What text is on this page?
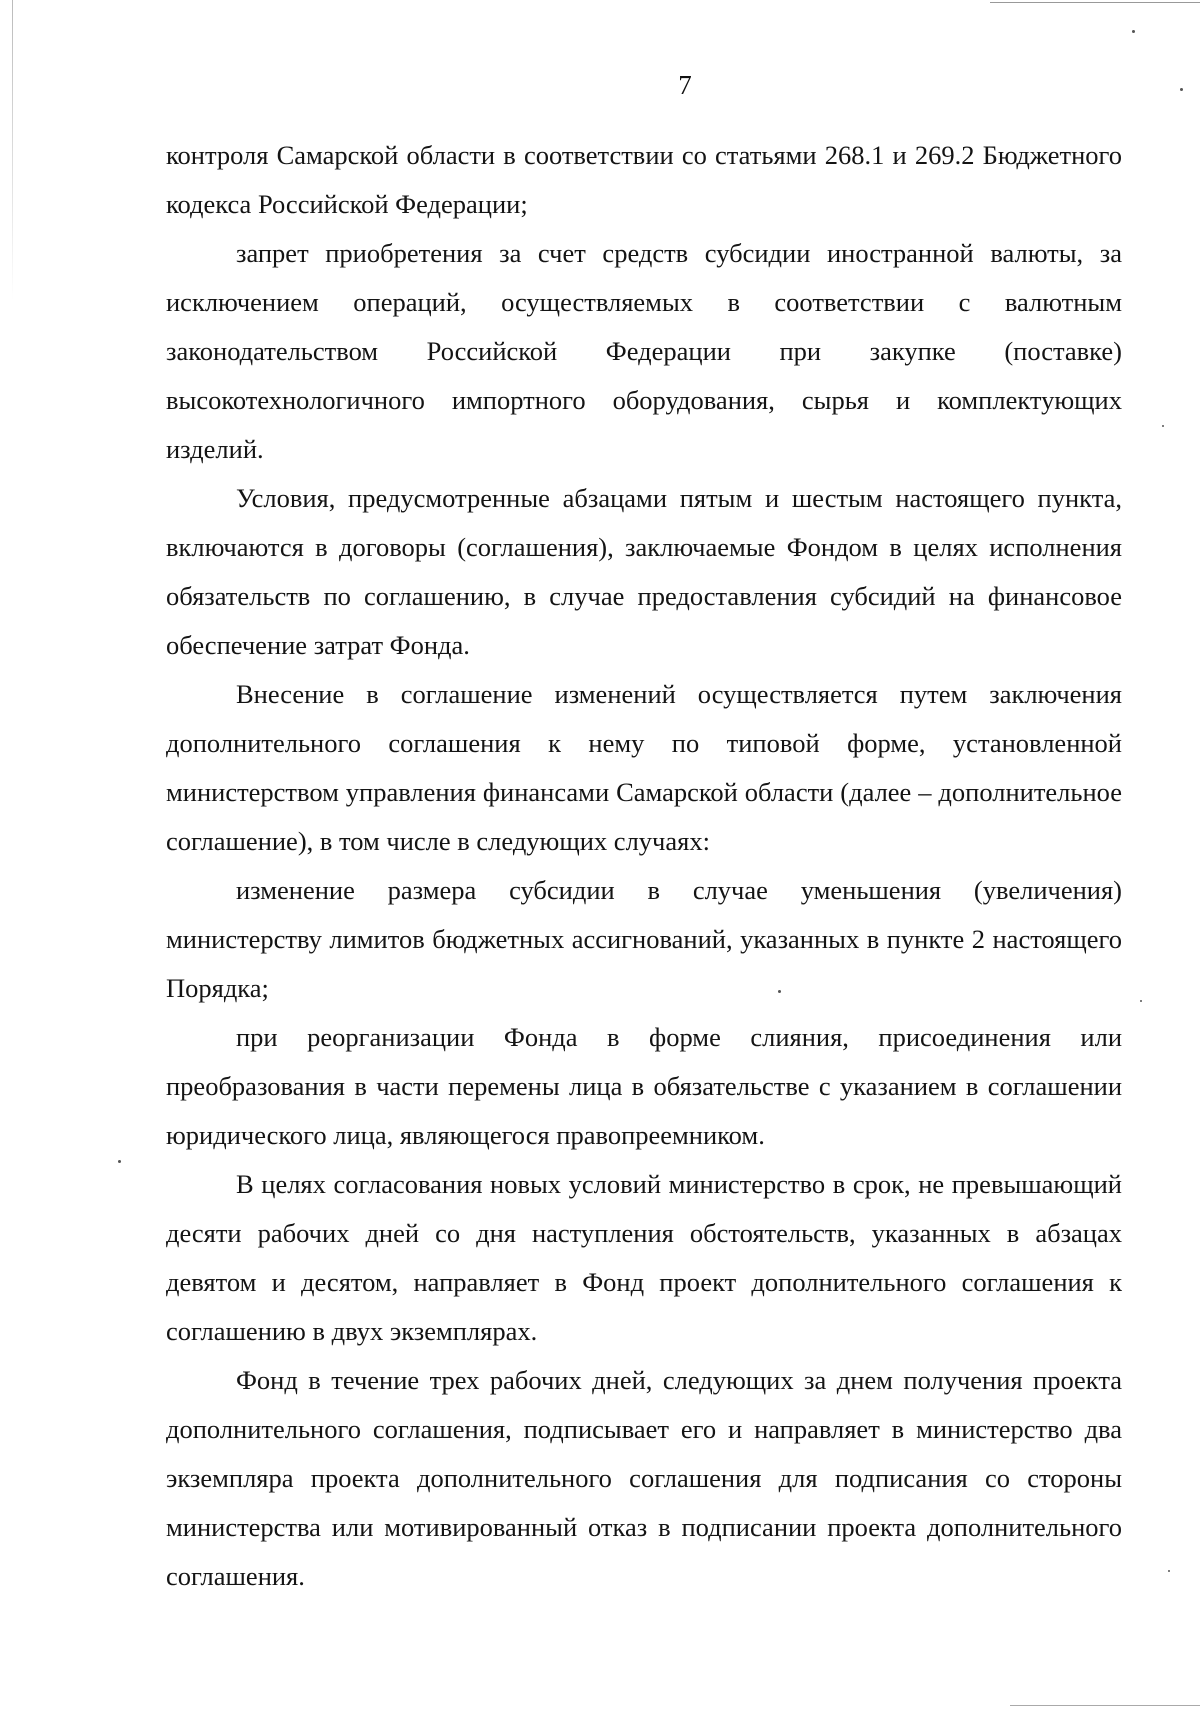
7

контроля Самарской области в соответствии со статьями 268.1 и 269.2 Бюджетного кодекса Российской Федерации;

запрет приобретения за счет средств субсидии иностранной валюты, за исключением операций, осуществляемых в соответствии с валютным законодательством Российской Федерации при закупке (поставке) высокотехнологичного импортного оборудования, сырья и комплектующих изделий.

Условия, предусмотренные абзацами пятым и шестым настоящего пункта, включаются в договоры (соглашения), заключаемые Фондом в целях исполнения обязательств по соглашению, в случае предоставления субсидий на финансовое обеспечение затрат Фонда.

Внесение в соглашение изменений осуществляется путем заключения дополнительного соглашения к нему по типовой форме, установленной министерством управления финансами Самарской области (далее – дополнительное соглашение), в том числе в следующих случаях:

изменение размера субсидии в случае уменьшения (увеличения) министерству лимитов бюджетных ассигнований, указанных в пункте 2 настоящего Порядка;

при реорганизации Фонда в форме слияния, присоединения или преобразования в части перемены лица в обязательстве с указанием в соглашении юридического лица, являющегося правопреемником.

В целях согласования новых условий министерство в срок, не превышающий десяти рабочих дней со дня наступления обстоятельств, указанных в абзацах девятом и десятом, направляет в Фонд проект дополнительного соглашения к соглашению в двух экземплярах.

Фонд в течение трех рабочих дней, следующих за днем получения проекта дополнительного соглашения, подписывает его и направляет в министерство два экземпляра проекта дополнительного соглашения для подписания со стороны министерства или мотивированный отказ в подписании проекта дополнительного соглашения.
